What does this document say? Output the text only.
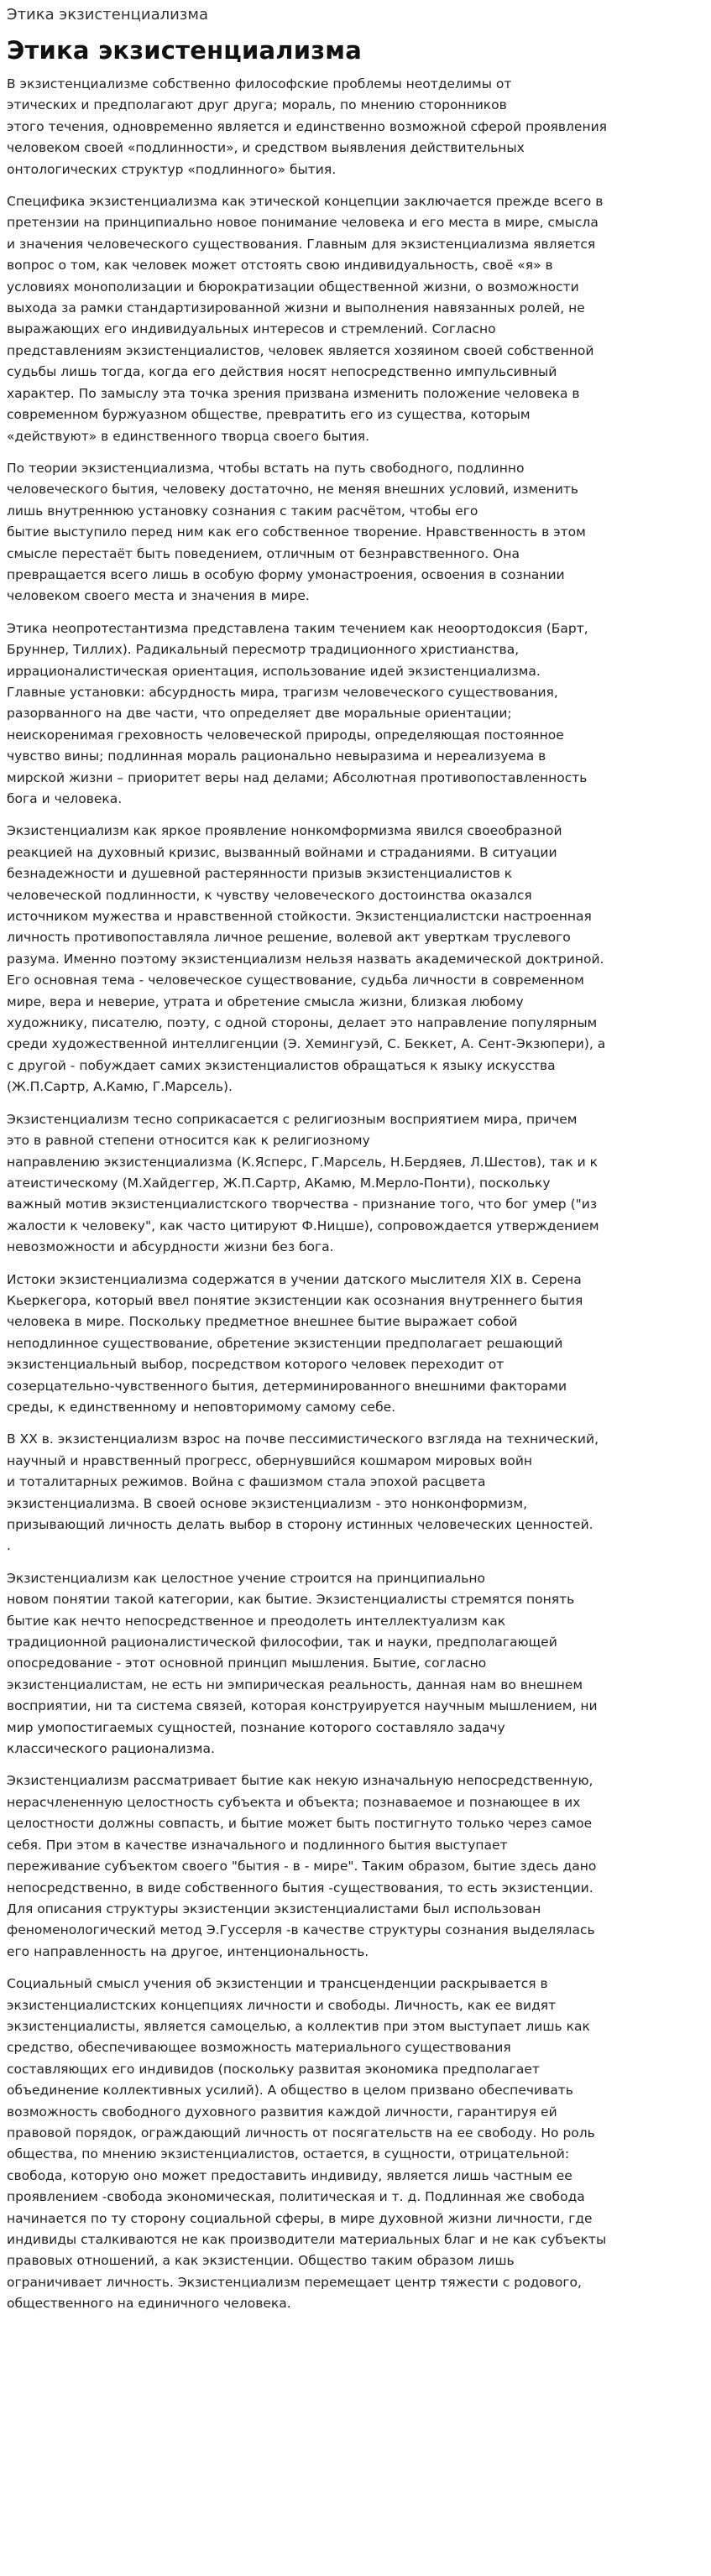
Этика экзистенциализма
Этика экзистенциализма

В экзистенциализме собственно философские проблемы неотделимы от
этических и предполагают друг друга; мораль, по мнению сторонников
этого течения, одновременно является и единственно возможной сферой проявления
человеком своей «подлинности», и средством выявления действительных
онтологических структур «подлинного» бытия.

Специфика экзистенциализма как этической концепции заключается прежде всего в
претензии на принципиально новое понимание человека и его места в мире, смысла
и значения человеческого существования. Главным для экзистенциализма является
вопрос о том, как человек может отстоять свою индивидуальность, своё «я» в
условиях монополизации и бюрократизации общественной жизни, о возможности
выхода за рамки стандартизированной жизни и выполнения навязанных ролей, не
выражающих его индивидуальных интересов и стремлений. Согласно
представлениям экзистенциалистов, человек является хозяином своей собственной
судьбы лишь тогда, когда его действия носят непосредственно импульсивный
характер. По замыслу эта точка зрения призвана изменить положение человека в
современном буржуазном обществе, превратить его из существа, которым
«действуют» в единственного творца своего бытия.

По теории экзистенциализма, чтобы встать на путь свободного, подлинно
человеческого бытия, человеку достаточно, не меняя внешних условий, изменить
лишь внутреннюю установку сознания с таким расчётом, чтобы его
бытие выступило перед ним как его собственное творение. Нравственность в этом
смысле перестаёт быть поведением, отличным от безнравственного. Она
превращается всего лишь в особую форму умонастроения, освоения в сознании
человеком своего места и значения в мире.

Этика неопротестантизма представлена таким течением как неоортодоксия (Барт,
Бруннер, Тиллих). Радикальный пересмотр традиционного христианства,
иррационалистическая ориентация, использование идей экзистенциализма.
Главные установки: абсурдность мира, трагизм человеческого существования,
разорванного на две части, что определяет две моральные ориентации;
неискоренимая греховность человеческой природы, определяющая постоянное
чувство вины; подлинная мораль рационально невыразима и нереализуема в
мирской жизни – приоритет веры над делами; Абсолютная противопоставленность
бога и человека.

Экзистенциализм как яркое проявление нонкомформизма явился своеобразной
реакцией на духовный кризис, вызванный войнами и страданиями. В ситуации
безнадежности и душевной растерянности призыв экзистенциалистов к
человеческой подлинности, к чувству человеческого достоинства оказался
источником мужества и нравственной стойкости. Экзистенциалистски настроенная
личность противопоставляла личное решение, волевой акт уверткам труслевого
разума. Именно поэтому экзистенциализм нельзя назвать академической доктриной.
Его основная тема - человеческое существование, судьба личности в современном
мире, вера и неверие, утрата и обретение смысла жизни, близкая любому
художнику, писателю, поэту, с одной стороны, делает это направление популярным
среди художественной интеллигенции (Э. Хемингуэй, С. Беккет, А. Сент-Экзюпери), а
с другой - побуждает самих экзистенциалистов обращаться к языку искусства
(Ж.П.Сартр, А.Камю, Г.Марсель).

Экзистенциализм тесно соприкасается с религиозным восприятием мира, причем
это в равной степени относится как к религиозному
направлению экзистенциализма (К.Ясперс, Г.Марсель, Н.Бердяев, Л.Шестов), так и к
атеистическому (М.Хайдеггер, Ж.П.Сартр, АКамю, М.Мерло-Понти), поскольку
важный мотив экзистенциалистского творчества - признание того, что бог умер ("из
жалости к человеку", как часто цитируют Ф.Ницше), сопровождается утверждением
невозможности и абсурдности жизни без бога.

Истоки экзистенциализма содержатся в учении датского мыслителя XIX в. Серена
Кьеркегора, который ввел понятие экзистенции как осознания внутреннего бытия
человека в мире. Поскольку предметное внешнее бытие выражает собой
неподлинное существование, обретение экзистенции предполагает решающий
экзистенциальный выбор, посредством которого человек переходит от
созерцательно-чувственного бытия, детерминированного внешними факторами
среды, к единственному и неповторимому самому себе.

В XX в. экзистенциализм взрос на почве пессимистического взгляда на технический,
научный и нравственный прогресс, обернувшийся кошмаром мировых войн
и тоталитарных режимов. Война с фашизмом стала эпохой расцвета
экзистенциализма. В своей основе экзистенциализм - это нонконформизм,
призывающий личность делать выбор в сторону истинных человеческих ценностей.
.

Экзистенциализм как целостное учение строится на принципиально
новом понятии такой категории, как бытие. Экзистенциалисты стремятся понять
бытие как нечто непосредственное и преодолеть интеллектуализм как
традиционной рационалистической философии, так и науки, предполагающей
опосредование - этот основной принцип мышления. Бытие, согласно
экзистенциалистам, не есть ни эмпирическая реальность, данная нам во внешнем
восприятии, ни та система связей, которая конструируется научным мышлением, ни
мир умопостигаемых сущностей, познание которого составляло задачу
классического рационализма.

Экзистенциализм рассматривает бытие как некую изначальную непосредственную,
нерасчлененную целостность субъекта и объекта; познаваемое и познающее в их
целостности должны совпасть, и бытие может быть постигнуто только через самое
себя. При этом в качестве изначального и подлинного бытия выступает
переживание субъектом своего "бытия - в - мире". Таким образом, бытие здесь дано
непосредственно, в виде собственного бытия -существования, то есть экзистенции.
Для описания структуры экзистенции экзистенциалистами был использован
феноменологический метод Э.Гуссерля -в качестве структуры сознания выделялась
его направленность на другое, интенциональность.

Социальный смысл учения об экзистенции и трансценденции раскрывается в
экзистенциалистских концепциях личности и свободы. Личность, как ее видят
экзистенциалисты, является самоцелью, а коллектив при этом выступает лишь как
средство, обеспечивающее возможность материального существования
составляющих его индивидов (поскольку развитая экономика предполагает
объединение коллективных усилий). А общество в целом призвано обеспечивать
возможность свободного духовного развития каждой личности, гарантируя ей
правовой порядок, ограждающий личность от посягательств на ее свободу. Но роль
общества, по мнению экзистенциалистов, остается, в сущности, отрицательной:
свобода, которую оно может предоставить индивиду, является лишь частным ее
проявлением -свобода экономическая, политическая и т. д. Подлинная же свобода
начинается по ту сторону социальной сферы, в мире духовной жизни личности, где
индивиды сталкиваются не как производители материальных благ и не как субъекты
правовых отношений, а как экзистенции. Общество таким образом лишь
ограничивает личность. Экзистенциализм перемещает центр тяжести с родового,
общественного на единичного человека.
